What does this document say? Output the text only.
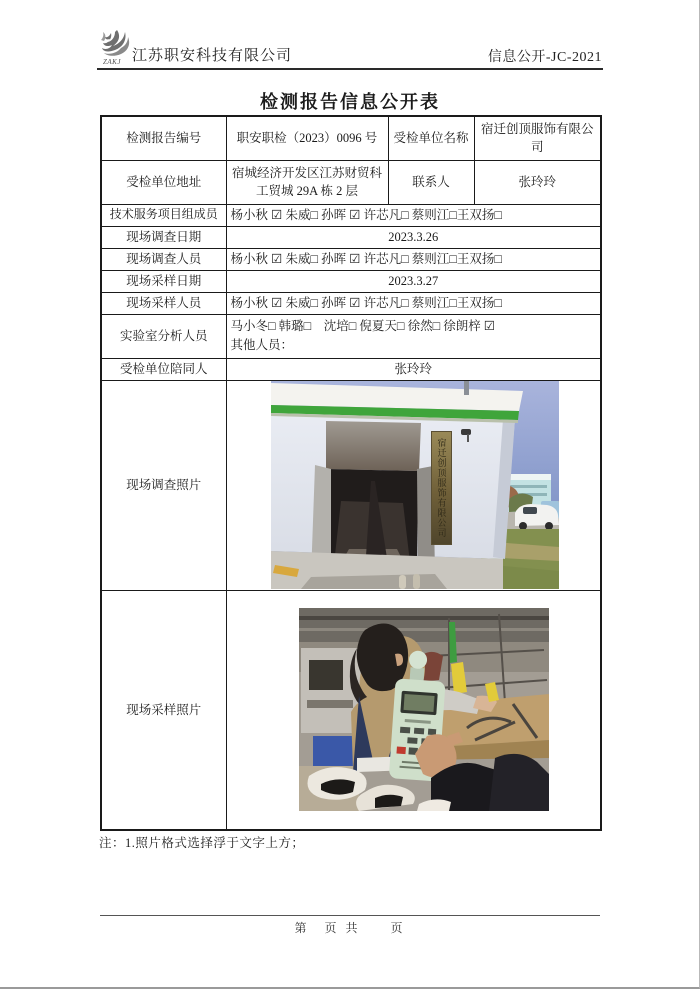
ZAKJ 江苏职安科技有限公司	信息公开-JC-2021
检测报告信息公开表
检测报告编号	职安职检（2023）0096 号	受检单位名称	宿迁创顶服饰有限公司
受检单位地址	宿城经济开发区江苏财贸科工贸城 29A 栋 2 层	联系人	张玲玲
技术服务项目组成员	杨小秋 ☑ 朱威□ 孙晖 ☑ 许芯凡□ 蔡则江□王双扬□		
现场调查日期	2023.3.26		
现场调查人员	杨小秋 ☑ 朱威□ 孙晖 ☑ 许芯凡□ 蔡则江□王双扬□		
现场采样日期	2023.3.27		
现场采样人员	杨小秋 ☑ 朱威□ 孙晖 ☑ 许芯凡□ 蔡则江□王双扬□		
实验室分析人员	马小冬□ 韩璐□　沈培□ 倪夏天□ 徐然□ 徐朗梓 ☑
其他人员：		

受检单位陪同人	张玲玲		
现场调查照片	宿迁创顶服饰有限公司		

现场采样照片	
注：1.照片格式选择浮于文字上方；
第　页 共　　页
